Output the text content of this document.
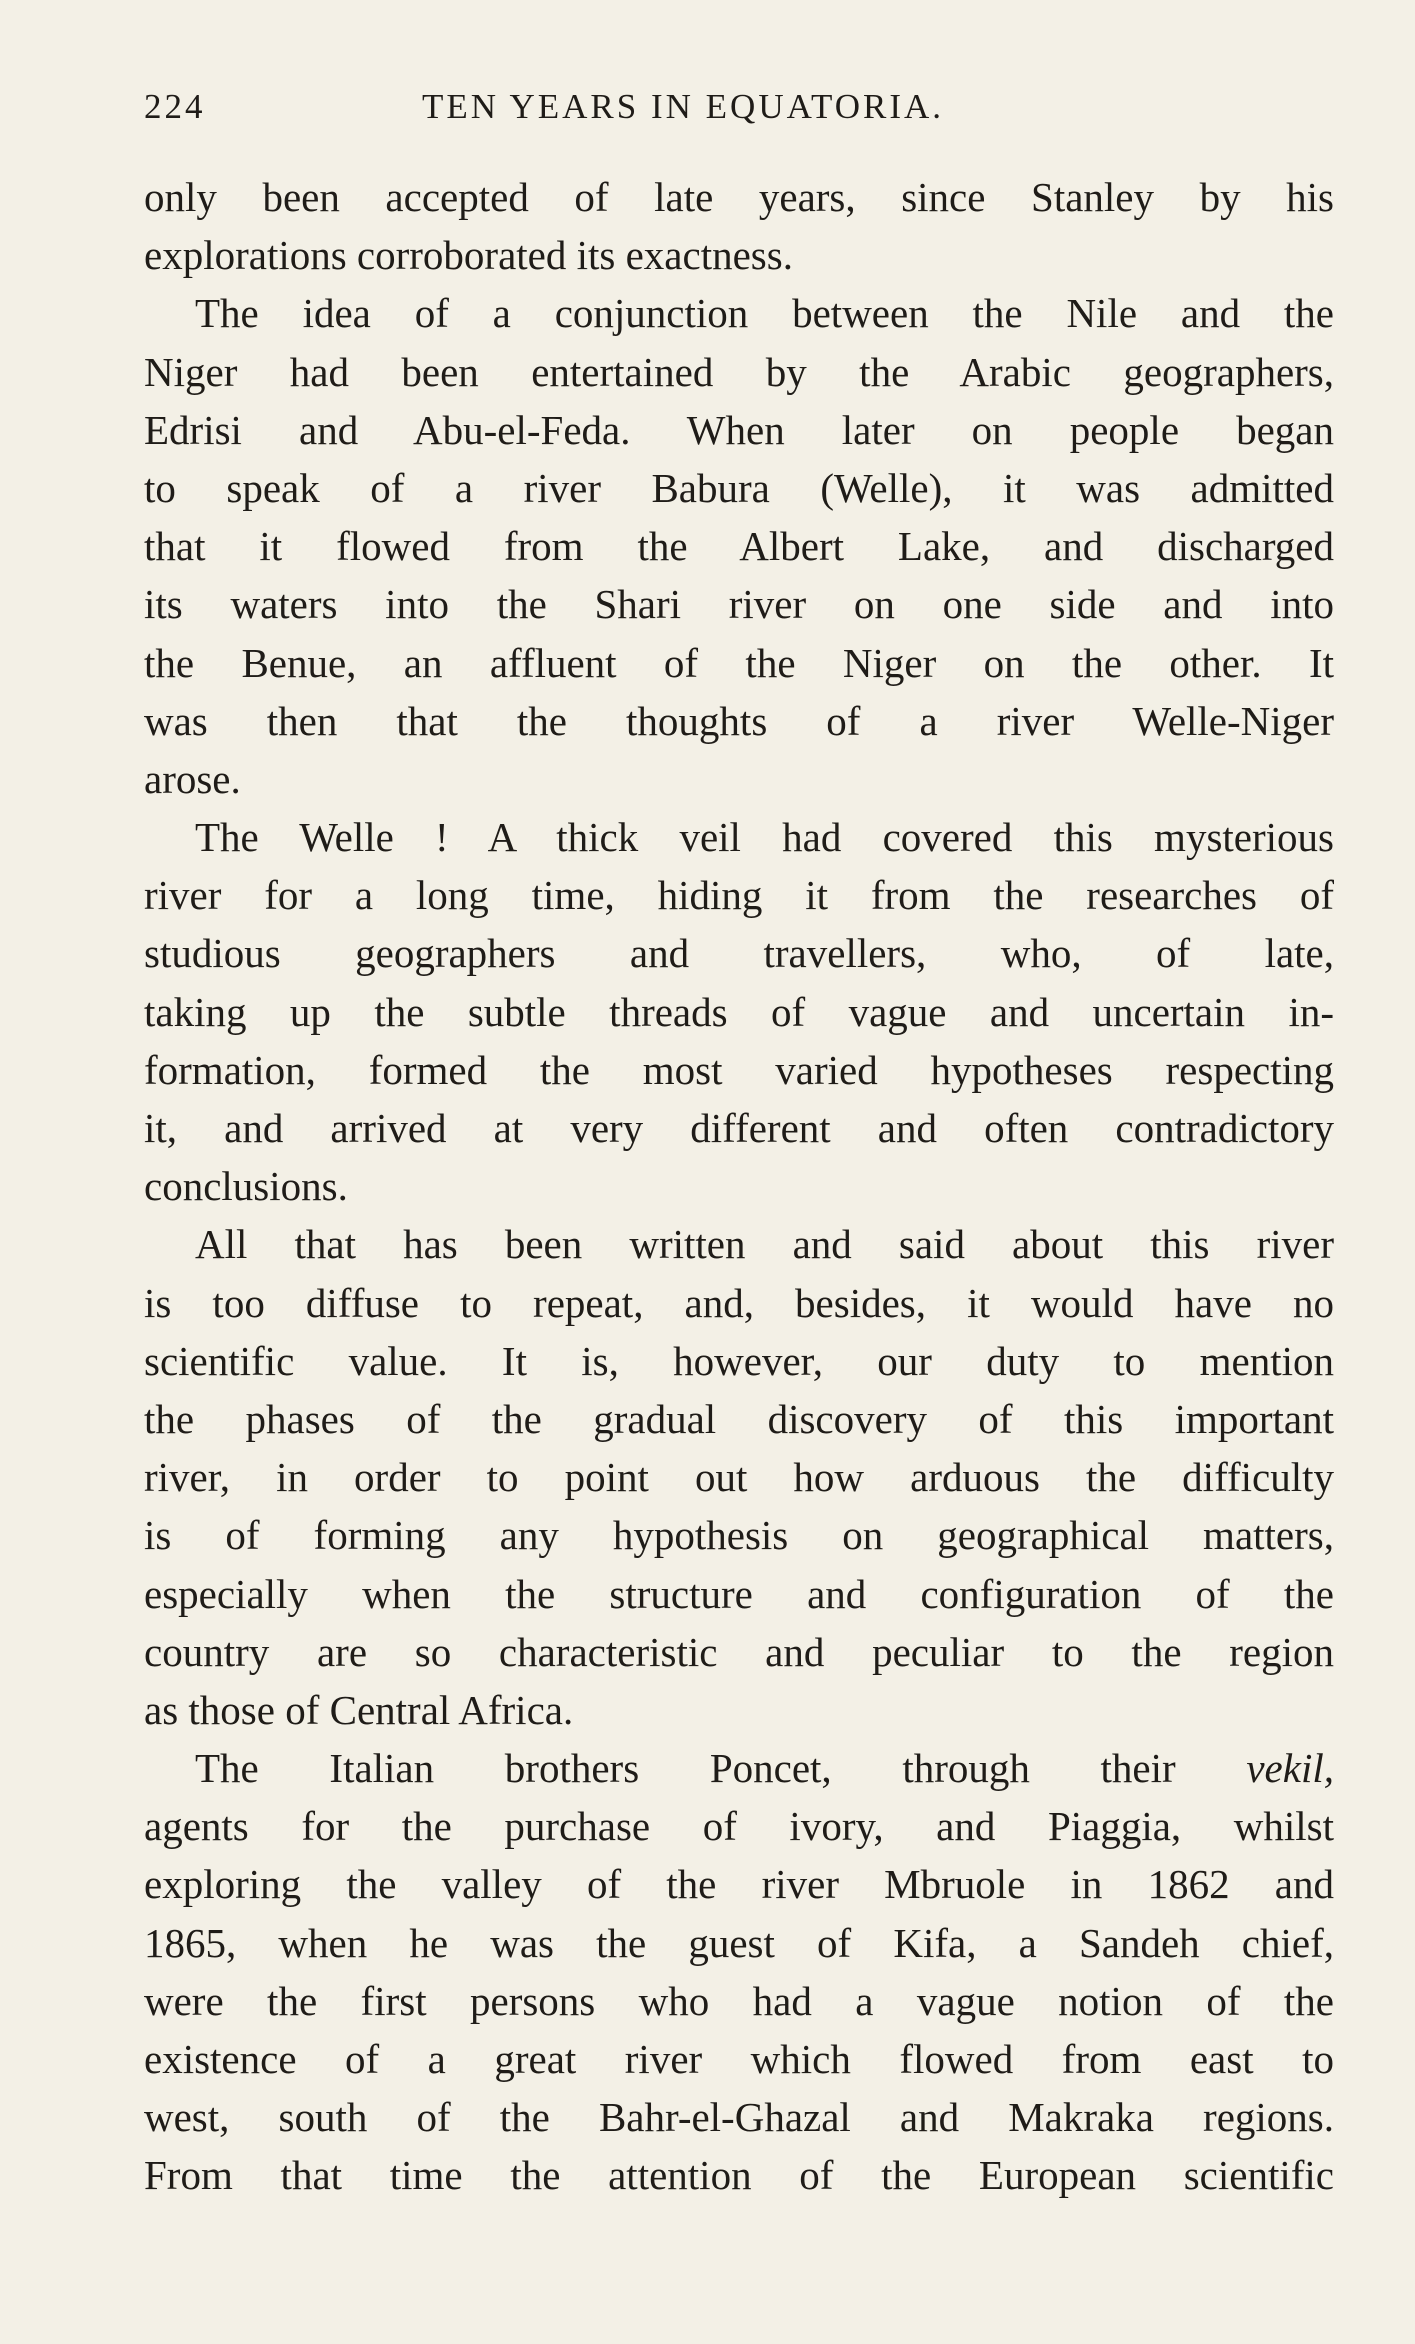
224	TEN YEARS IN EQUATORIA.
only been accepted of late years, since Stanley by his
explorations corroborated its exactness.
The idea of a conjunction between the Nile and the
Niger had been entertained by the Arabic geographers,
Edrisi and Abu-el-Feda. When later on people began
to speak of a river Babura (Welle), it was admitted
that it flowed from the Albert Lake, and discharged
its waters into the Shari river on one side and into
the Benue, an affluent of the Niger on the other. It
was then that the thoughts of a river Welle-Niger
arose.
The Welle ! A thick veil had covered this mysterious
river for a long time, hiding it from the researches of
studious geographers and travellers, who, of late,
taking up the subtle threads of vague and uncertain in-
formation, formed the most varied hypotheses respecting
it, and arrived at very different and often contradictory
conclusions.
All that has been written and said about this river
is too diffuse to repeat, and, besides, it would have no
scientific value. It is, however, our duty to mention
the phases of the gradual discovery of this important
river, in order to point out how arduous the difficulty
is of forming any hypothesis on geographical matters,
especially when the structure and configuration of the
country are so characteristic and peculiar to the region
as those of Central Africa.
The Italian brothers Poncet, through their vekil,
agents for the purchase of ivory, and Piaggia, whilst
exploring the valley of the river Mbruole in 1862 and
1865, when he was the guest of Kifa, a Sandeh chief,
were the first persons who had a vague notion of the
existence of a great river which flowed from east to
west, south of the Bahr-el-Ghazal and Makraka regions.
From that time the attention of the European scientific
